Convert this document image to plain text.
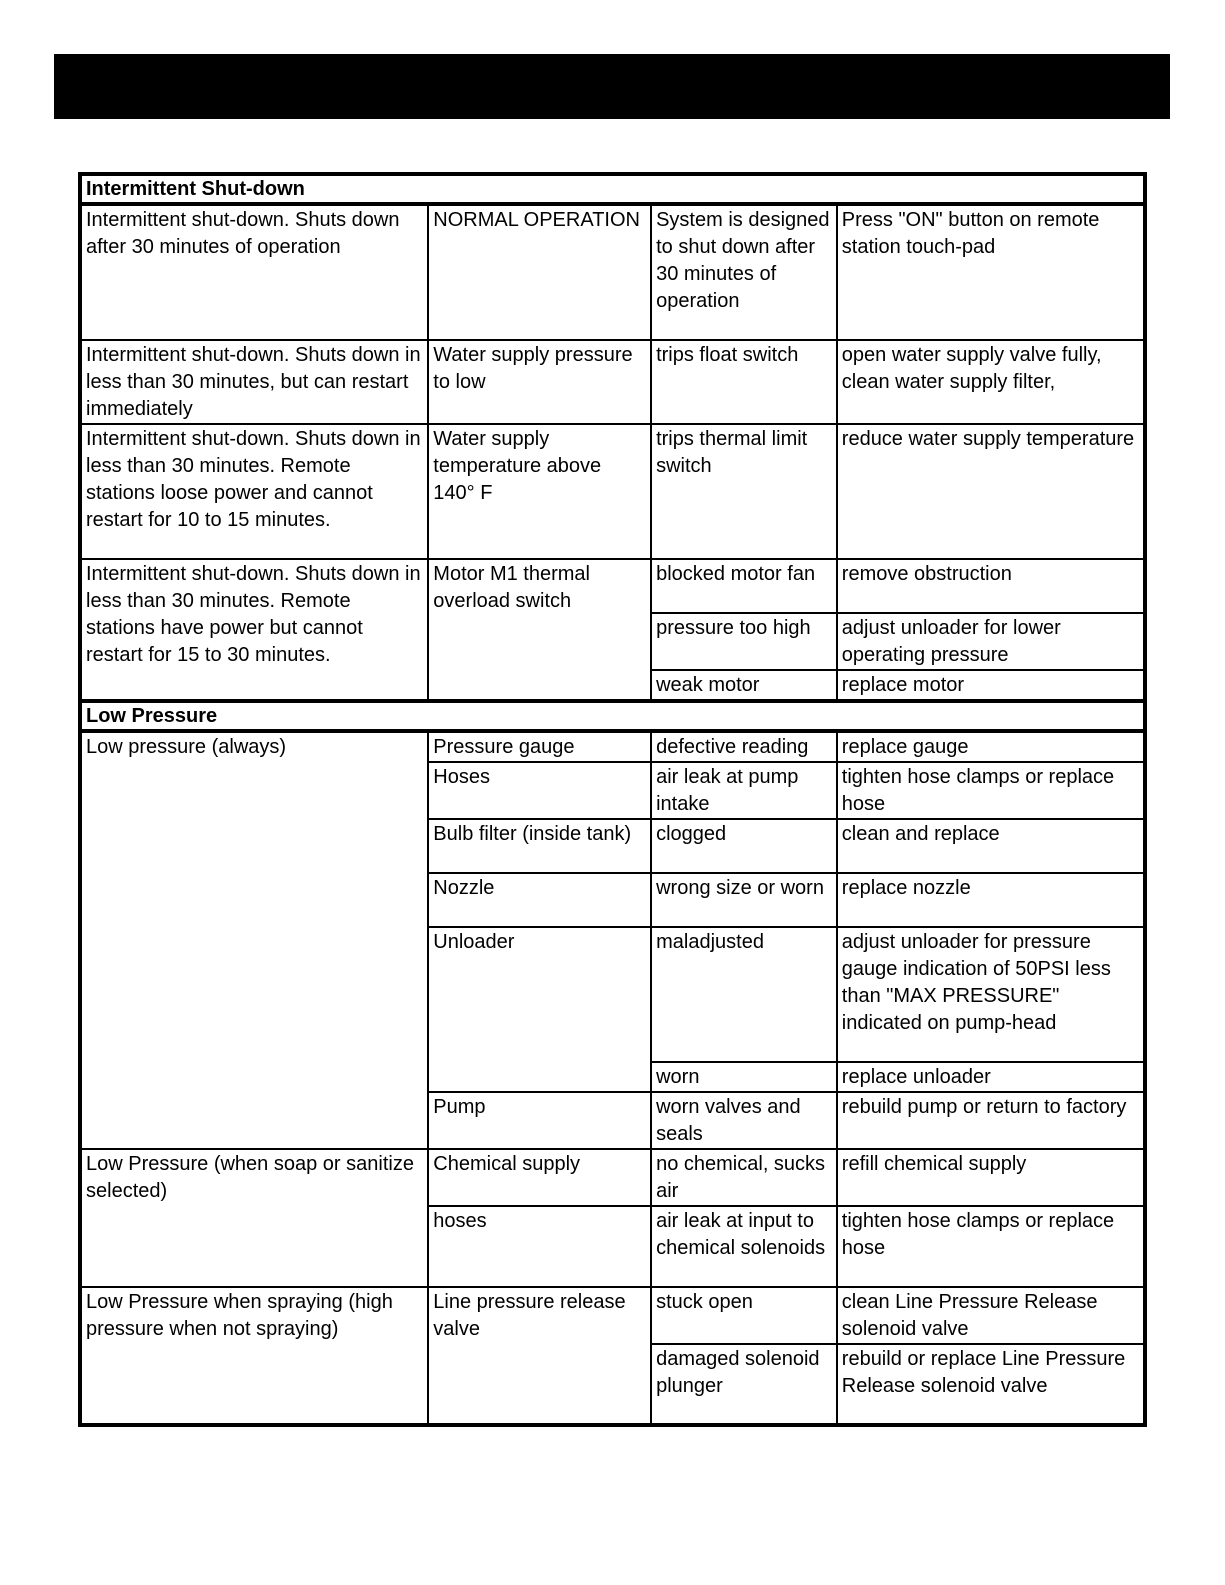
Intermittent Shut-down			
Intermittent shut-down. Shuts down after 30 minutes of operation	NORMAL OPERATION	System is designed to shut down after 30 minutes of operation	Press "ON" button on remote station touch-pad
Intermittent shut-down. Shuts down in less than 30 minutes, but can restart immediately	Water supply pressure to low	trips float switch	open water supply valve fully, clean water supply filter,
Intermittent shut-down. Shuts down in less than 30 minutes. Remote stations loose power and cannot restart for 10 to 15 minutes.	Water supply temperature above 140° F	trips thermal limit switch	reduce water supply temperature
Intermittent shut-down. Shuts down in less than 30 minutes. Remote stations have power but cannot restart for 15 to 30 minutes.	Motor M1 thermal overload switch	blocked motor fan	remove obstruction
		pressure too high	adjust unloader for lower operating pressure
		weak motor	replace motor
Low Pressure			
Low pressure (always)	Pressure gauge	defective reading	replace gauge
	Hoses	air leak at pump intake	tighten hose clamps or replace hose
	Bulb filter (inside tank)	clogged	clean and replace
	Nozzle	wrong size or worn	replace nozzle
	Unloader	maladjusted	adjust unloader for pressure gauge indication of 50PSI less than "MAX PRESSURE" indicated on pump-head
		worn	replace unloader
	Pump	worn valves and seals	rebuild pump or return to factory
Low Pressure (when soap or sanitize selected)	Chemical supply	no chemical, sucks air	refill chemical supply
	hoses	air leak at input to chemical solenoids	tighten hose clamps or replace hose
Low Pressure when spraying (high pressure when not spraying)	Line pressure release valve	stuck open	clean Line Pressure Release solenoid valve
		damaged solenoid plunger	rebuild or replace Line Pressure Release solenoid valve
